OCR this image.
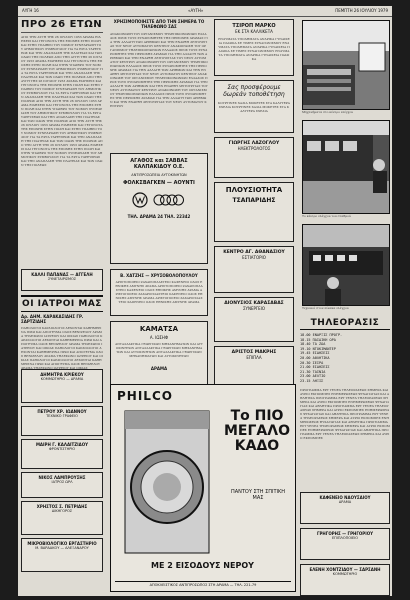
ΑΥΓΗ 16	«ΑΥΓΗ»	ΠΕΜΠΤΗ 26 ΙΟΥΛΙΟΥ 1979
ΠΡΟ 26 ΕΤΩΝ
ΑΠΟ ΤΗΝ ΑΥΓΗ ΤΗΣ 26 ΙΟΥΛΙΟΥ 1953 ΔΡΑΜΑ ΕΙΔΗΣΕΙΣ ΚΑΙ ΓΕΓΟΝΟΤΑ ΤΗΣ ΕΠΟΧΗΣ ΣΤΗΝ ΠΟΛΗ ΚΑΙ ΣΤΗΝ ΥΠΑΙΘΡΟ ΤΟΥ ΝΟΜΟΥ ΣΥΝΕΔΡΙΑΣΗ ΤΟΥ ΔΗΜΟΤΙΚΟΥ ΣΥΜΒΟΥΛΙΟΥ ΓΙΑ ΤΑ ΕΡΓΑ ΥΔΡΕΥΣΕΩΣ ΚΑΙ ΤΗΝ ΑΝΑΠΛΑΣΗ ΤΗΣ ΠΛΑΤΕΙΑΣ ΚΑΙ ΤΩΝ ΟΔΩΝ ΤΗΣ ΠΟΛΕΩΣ ΑΠΟ ΤΗΝ ΑΥΓΗ ΤΗΣ 26 ΙΟΥΛΙΟΥ 1953 ΔΡΑΜΑ ΕΙΔΗΣΕΙΣ ΚΑΙ ΓΕΓΟΝΟΤΑ ΤΗΣ ΕΠΟΧΗΣ ΣΤΗΝ ΠΟΛΗ ΚΑΙ ΣΤΗΝ ΥΠΑΙΘΡΟ ΤΟΥ ΝΟΜΟΥ ΣΥΝΕΔΡΙΑΣΗ ΤΟΥ ΔΗΜΟΤΙΚΟΥ ΣΥΜΒΟΥΛΙΟΥ ΓΙΑ ΤΑ ΕΡΓΑ ΥΔΡΕΥΣΕΩΣ ΚΑΙ ΤΗΝ ΑΝΑΠΛΑΣΗ ΤΗΣ ΠΛΑΤΕΙΑΣ ΚΑΙ ΤΩΝ ΟΔΩΝ ΤΗΣ ΠΟΛΕΩΣ ΑΠΟ ΤΗΝ ΑΥΓΗ ΤΗΣ 26 ΙΟΥΛΙΟΥ 1953 ΔΡΑΜΑ ΕΙΔΗΣΕΙΣ ΚΑΙ ΓΕΓΟΝΟΤΑ ΤΗΣ ΕΠΟΧΗΣ ΣΤΗΝ ΠΟΛΗ ΚΑΙ ΣΤΗΝ ΥΠΑΙΘΡΟ ΤΟΥ ΝΟΜΟΥ ΣΥΝΕΔΡΙΑΣΗ ΤΟΥ ΔΗΜΟΤΙΚΟΥ ΣΥΜΒΟΥΛΙΟΥ ΓΙΑ ΤΑ ΕΡΓΑ ΥΔΡΕΥΣΕΩΣ ΚΑΙ ΤΗΝ ΑΝΑΠΛΑΣΗ ΤΗΣ ΠΛΑΤΕΙΑΣ ΚΑΙ ΤΩΝ ΟΔΩΝ ΤΗΣ ΠΟΛΕΩΣ ΑΠΟ ΤΗΝ ΑΥΓΗ ΤΗΣ 26 ΙΟΥΛΙΟΥ 1953 ΔΡΑΜΑ ΕΙΔΗΣΕΙΣ ΚΑΙ ΓΕΓΟΝΟΤΑ ΤΗΣ ΕΠΟΧΗΣ ΣΤΗΝ ΠΟΛΗ ΚΑΙ ΣΤΗΝ ΥΠΑΙΘΡΟ ΤΟΥ ΝΟΜΟΥ ΣΥΝΕΔΡΙΑΣΗ ΤΟΥ ΔΗΜΟΤΙΚΟΥ ΣΥΜΒΟΥΛΙΟΥ ΓΙΑ ΤΑ ΕΡΓΑ ΥΔΡΕΥΣΕΩΣ ΚΑΙ ΤΗΝ ΑΝΑΠΛΑΣΗ ΤΗΣ ΠΛΑΤΕΙΑΣ ΚΑΙ ΤΩΝ ΟΔΩΝ ΤΗΣ ΠΟΛΕΩΣ ΑΠΟ ΤΗΝ ΑΥΓΗ ΤΗΣ 26 ΙΟΥΛΙΟΥ 1953 ΔΡΑΜΑ ΕΙΔΗΣΕΙΣ ΚΑΙ ΓΕΓΟΝΟΤΑ ΤΗΣ ΕΠΟΧΗΣ ΣΤΗΝ ΠΟΛΗ ΚΑΙ ΣΤΗΝ ΥΠΑΙΘΡΟ ΤΟΥ ΝΟΜΟΥ ΣΥΝΕΔΡΙΑΣΗ ΤΟΥ ΔΗΜΟΤΙΚΟΥ ΣΥΜΒΟΥΛΙΟΥ ΓΙΑ ΤΑ ΕΡΓΑ ΥΔΡΕΥΣΕΩΣ ΚΑΙ ΤΗΝ ΑΝΑΠΛΑΣΗ ΤΗΣ ΠΛΑΤΕΙΑΣ ΚΑΙ ΤΩΝ ΟΔΩΝ ΤΗΣ ΠΟΛΕΩΣ ΑΠΟ ΤΗΝ ΑΥΓΗ ΤΗΣ 26 ΙΟΥΛΙΟΥ 1953 ΔΡΑΜΑ ΕΙΔΗΣΕΙΣ ΚΑΙ ΓΕΓΟΝΟΤΑ ΤΗΣ ΕΠΟΧΗΣ ΣΤΗΝ ΠΟΛΗ ΚΑΙ ΣΤΗΝ ΥΠΑΙΘΡΟ ΤΟΥ ΝΟΜΟΥ ΣΥΝΕΔΡΙΑΣΗ ΤΟΥ ΔΗΜΟΤΙΚΟΥ ΣΥΜΒΟΥΛΙΟΥ ΓΙΑ ΤΑ ΕΡΓΑ ΥΔΡΕΥΣΕΩΣ ΚΑΙ ΤΗΝ ΑΝΑΠΛΑΣΗ ΤΗΣ ΠΛΑΤΕΙΑΣ ΚΑΙ ΤΩΝ ΟΔΩΝ ΤΗΣ ΠΟΛΕΩΣ
ΚΑΛΛΙ ΠΑΠΑΝΑΣ — ΑΓΓΕΛΗ
ΣΥΝΕΤΑΙΡΙΣΜΟΣ
ΟΙ ΙΑΤΡΟΙ ΜΑΣ
Δρ. ΔΗΜ. ΚΑΡΑΚΑΣΙΔΗΣ ΓΡ. ΣΑΡΤΖΙΔΗΣ
ΠΑΘΟΛΟΓΟΙ ΚΑΡΔΙΟΛΟΓΟΙ ΔΕΧΟΝΤΑΙ ΚΑΘΗΜΕΡΙΝΑ ΠΡΩΙ ΚΑΙ ΑΠΟΓΕΥΜΑ ΟΔΟΣ ΒΕΝΙΖΕΛΟΥ ΔΡΑΜΑ ΤΗΛΕΦΩΝΟ ΙΑΤΡΕΙΟΥ ΚΑΙ ΟΙΚΙΑΣ ΠΑΘΟΛΟΓΟΙ ΚΑΡΔΙΟΛΟΓΟΙ ΔΕΧΟΝΤΑΙ ΚΑΘΗΜΕΡΙΝΑ ΠΡΩΙ ΚΑΙ ΑΠΟΓΕΥΜΑ ΟΔΟΣ ΒΕΝΙΖΕΛΟΥ ΔΡΑΜΑ ΤΗΛΕΦΩΝΟ ΙΑΤΡΕΙΟΥ ΚΑΙ ΟΙΚΙΑΣ ΠΑΘΟΛΟΓΟΙ ΚΑΡΔΙΟΛΟΓΟΙ ΔΕΧΟΝΤΑΙ ΚΑΘΗΜΕΡΙΝΑ ΠΡΩΙ ΚΑΙ ΑΠΟΓΕΥΜΑ ΟΔΟΣ ΒΕΝΙΖΕΛΟΥ ΔΡΑΜΑ ΤΗΛΕΦΩΝΟ ΙΑΤΡΕΙΟΥ ΚΑΙ ΟΙΚΙΑΣ ΠΑΘΟΛΟΓΟΙ ΚΑΡΔΙΟΛΟΓΟΙ ΔΕΧΟΝΤΑΙ ΚΑΘΗΜΕΡΙΝΑ ΠΡΩΙ ΚΑΙ ΑΠΟΓΕΥΜΑ ΟΔΟΣ ΒΕΝΙΖΕΛΟΥ ΔΡΑΜΑ ΤΗΛΕΦΩΝΟ ΙΑΤΡΕΙΟΥ ΚΑΙ ΟΙΚΙΑΣ
ΔΗΜΗΤΡΑ ΚΡΙΕΚΟΥ
ΚΟΜΜΩΤΗΡΙΟ — ΔΡΑΜΑ
ΠΕΤΡΟΥ ΧΡ. ΙΩΑΝΝΟΥ
ΤΕΧΝΙΚΟ ΓΡΑΦΕΙΟ
ΜΑΙΡΗ Γ. ΚΑΛΑΙΤΖΙΔΟΥ
ΦΡΟΝΤΙΣΤΗΡΙΟ
ΝΙΚΟΣ ΛΑΜΠΡΟΥΣΗΣ
ΙΑΤΡΟΣ ΩΡΛ
ΧΡΗΣΤΟΣ Σ. ΠΕΤΡΙΔΗΣ
ΔΙΚΗΓΟΡΟΣ
ΜΙΚΡΟΒΙΟΛΟΓΙΚΟ ΕΡΓΑΣΤΗΡΙΟ
Μ. ΒΑΡΔΑΚΟΥ — ΑΛΕΞΑΝΔΡΟΥ
ΧΡΗΣΙΜΟΠΟΙΗΣΤΕ ΑΠΟ ΤΗΝ ΣΗΜΕΡΑ ΤΟ ΤΗΛΕΦΩΝΟ ΣΑΣ
ΑΝΑΚΟΙΝΩΣΗ ΤΟΥ ΟΡΓΑΝΙΣΜΟΥ ΤΗΛΕΠΙΚΟΙΝΩΝΙΩΝ ΕΛΛΑΔΟΣ ΠΡΟΣ ΤΟΥΣ ΣΥΝΔΡΟΜΗΤΕΣ ΤΗΣ ΠΕΡΙΟΧΗΣ ΔΡΑΜΑΣ ΓΙΑ ΤΗΝ ΑΛΛΑΓΗ ΤΩΝ ΑΡΙΘΜΩΝ ΚΑΙ ΤΗΝ ΕΝΑΡΞΗ ΛΕΙΤΟΥΡΓΙΑΣ ΤΟΥ ΝΕΟΥ ΑΥΤΟΜΑΤΟΥ ΚΕΝΤΡΟΥ ΑΝΑΚΟΙΝΩΣΗ ΤΟΥ ΟΡΓΑΝΙΣΜΟΥ ΤΗΛΕΠΙΚΟΙΝΩΝΙΩΝ ΕΛΛΑΔΟΣ ΠΡΟΣ ΤΟΥΣ ΣΥΝΔΡΟΜΗΤΕΣ ΤΗΣ ΠΕΡΙΟΧΗΣ ΔΡΑΜΑΣ ΓΙΑ ΤΗΝ ΑΛΛΑΓΗ ΤΩΝ ΑΡΙΘΜΩΝ ΚΑΙ ΤΗΝ ΕΝΑΡΞΗ ΛΕΙΤΟΥΡΓΙΑΣ ΤΟΥ ΝΕΟΥ ΑΥΤΟΜΑΤΟΥ ΚΕΝΤΡΟΥ ΑΝΑΚΟΙΝΩΣΗ ΤΟΥ ΟΡΓΑΝΙΣΜΟΥ ΤΗΛΕΠΙΚΟΙΝΩΝΙΩΝ ΕΛΛΑΔΟΣ ΠΡΟΣ ΤΟΥΣ ΣΥΝΔΡΟΜΗΤΕΣ ΤΗΣ ΠΕΡΙΟΧΗΣ ΔΡΑΜΑΣ ΓΙΑ ΤΗΝ ΑΛΛΑΓΗ ΤΩΝ ΑΡΙΘΜΩΝ ΚΑΙ ΤΗΝ ΕΝΑΡΞΗ ΛΕΙΤΟΥΡΓΙΑΣ ΤΟΥ ΝΕΟΥ ΑΥΤΟΜΑΤΟΥ ΚΕΝΤΡΟΥ ΑΝΑΚΟΙΝΩΣΗ ΤΟΥ ΟΡΓΑΝΙΣΜΟΥ ΤΗΛΕΠΙΚΟΙΝΩΝΙΩΝ ΕΛΛΑΔΟΣ ΠΡΟΣ ΤΟΥΣ ΣΥΝΔΡΟΜΗΤΕΣ ΤΗΣ ΠΕΡΙΟΧΗΣ ΔΡΑΜΑΣ ΓΙΑ ΤΗΝ ΑΛΛΑΓΗ ΤΩΝ ΑΡΙΘΜΩΝ ΚΑΙ ΤΗΝ ΕΝΑΡΞΗ ΛΕΙΤΟΥΡΓΙΑΣ ΤΟΥ ΝΕΟΥ ΑΥΤΟΜΑΤΟΥ ΚΕΝΤΡΟΥ ΑΝΑΚΟΙΝΩΣΗ ΤΟΥ ΟΡΓΑΝΙΣΜΟΥ ΤΗΛΕΠΙΚΟΙΝΩΝΙΩΝ ΕΛΛΑΔΟΣ ΠΡΟΣ ΤΟΥΣ ΣΥΝΔΡΟΜΗΤΕΣ ΤΗΣ ΠΕΡΙΟΧΗΣ ΔΡΑΜΑΣ ΓΙΑ ΤΗΝ ΑΛΛΑΓΗ ΤΩΝ ΑΡΙΘΜΩΝ ΚΑΙ ΤΗΝ ΕΝΑΡΞΗ ΛΕΙΤΟΥΡΓΙΑΣ ΤΟΥ ΝΕΟΥ ΑΥΤΟΜΑΤΟΥ ΚΕΝΤΡΟΥ
ΑΓΑΘΟΣ και ΣΑΒΒΑΣ ΚΑΛΠΑΚΙΔΟΥ Ο.Ε.
ΑΝΤΙΠΡΟΣΩΠΕΙΑ ΑΥΤΟΚΙΝΗΤΩΝ
ΦΟΛΚΣΒΑΓΚΕΝ — ΑΟΥΝΤΙ
ΤΗΛ. ΔΡΑΜΑ 24 ΤΗΛ. 22342
Β. ΧΑΤΖΗΣ — ΧΡΥΣΟΒΟΛΟΠΟΥΛΟΥ
ΑΡΙΣΤΟΠΟΙΕΙΟ ΖΑΧΑΡΟΠΛΑΣΤΕΙΟ ΚΑΦΕΝΕΙΟ ΟΔΟΣ ΕΘΝΙΚΗΣ ΑΜΥΝΗΣ ΔΡΑΜΑ ΑΡΙΣΤΟΠΟΙΕΙΟ ΖΑΧΑΡΟΠΛΑΣΤΕΙΟ ΚΑΦΕΝΕΙΟ ΟΔΟΣ ΕΘΝΙΚΗΣ ΑΜΥΝΗΣ ΔΡΑΜΑ ΑΡΙΣΤΟΠΟΙΕΙΟ ΖΑΧΑΡΟΠΛΑΣΤΕΙΟ ΚΑΦΕΝΕΙΟ ΟΔΟΣ ΕΘΝΙΚΗΣ ΑΜΥΝΗΣ ΔΡΑΜΑ ΑΡΙΣΤΟΠΟΙΕΙΟ ΖΑΧΑΡΟΠΛΑΣΤΕΙΟ ΚΑΦΕΝΕΙΟ ΟΔΟΣ ΕΘΝΙΚΗΣ ΑΜΥΝΗΣ ΔΡΑΜΑ
ΚΑΜΑΤΣΑ
Α. ΙΩΣΗΦ
ΑΝΤΑΛΛΑΚΤΙΚΑ ΓΕΩΡΓΙΚΩΝ ΜΗΧΑΝΗΜΑΤΩΝ ΚΑΙ ΑΥΤΟΚΙΝΗΤΩΝ ΑΝΤΑΛΛΑΚΤΙΚΑ ΓΕΩΡΓΙΚΩΝ ΜΗΧΑΝΗΜΑΤΩΝ ΚΑΙ ΑΥΤΟΚΙΝΗΤΩΝ ΑΝΤΑΛΛΑΚΤΙΚΑ ΓΕΩΡΓΙΚΩΝ ΜΗΧΑΝΗΜΑΤΩΝ ΚΑΙ ΑΥΤΟΚΙΝΗΤΩΝ
ΔΡΑΜΑ
ΤΣΙΡΟΠ ΜΑΡΚΟ
ΕΚ ΣΤΑ ΚΑΛΛΙΚΕΤΑ
ΕΝΔΥΜΑΤΑ ΥΠΟΔΗΜΑΤΑ ΑΝΔΡΙΚΑ ΓΥΝΑΙΚΕΙΑ ΠΑΙΔΙΚΑ ΣΕ ΤΙΜΕΣ ΣΥΝΑΓΩΝΙΣΜΟΥ ΕΝΔΥΜΑΤΑ ΥΠΟΔΗΜΑΤΑ ΑΝΔΡΙΚΑ ΓΥΝΑΙΚΕΙΑ ΠΑΙΔΙΚΑ ΣΕ ΤΙΜΕΣ ΣΥΝΑΓΩΝΙΣΜΟΥ ΕΝΔΥΜΑΤΑ ΥΠΟΔΗΜΑΤΑ ΑΝΔΡΙΚΑ ΓΥΝΑΙΚΕΙΑ ΠΑΙΔΙΚΑ
Σας προσφέρουμε
δωρεάν τοποθέτηση
ΚΟΥΡΤΙΝΕΣ ΧΑΛΙΑ ΜΟΚΕΤΕΣ ΣΤΑ ΚΑΛΥΤΕΡΑ ΣΧΕΔΙΑ ΚΟΥΡΤΙΝΕΣ ΧΑΛΙΑ ΜΟΚΕΤΕΣ ΣΤΑ ΚΑΛΥΤΕΡΑ ΣΧΕΔΙΑ
ΓΙΩΡΓΗΣ ΛΑΖΟΓΛΟΥ
ΗΛΕΚΤΡΟΛΟΓΟΣ
ΠΛΟΥΣΙΟΤΗΤΑ
ΤΣΑΠΑΡΙΔΗΣ
ΚΕΝΤΡΟ ΑΓ. ΑΘΑΝΑΣΙΟΥ
ΕΣΤΙΑΤΟΡΙΟ
ΔΙΟΝΥΣΙΟΣ ΚΑΡΑΣΑΒΑΣ
ΣΥΝΕΡΓΕΙΟ
ΑΡΙΣΤΟΣ ΜΑΚΡΗΣ
ΕΠΙΠΛΑ
Μηχανήματα στο κέντρο ελέγχου
Το κέντρο ελέγχου του σταθμού
Τεχνικοί στον πίνακα ελέγχου
ΤΗΛΕΟΡΑΣΙΣ
18.00 ΕΝΑΡΞΙΣ ΠΡΟΓΡ.
18.15 ΠΑΙΔΙΚΗ ΩΡΑ
18.40 ΤΑ ΖΩΑ
19.10 ΝΤΟΚΙΜΑΝΤΕΡ
19.45 ΕΙΔΗΣΕΙΣ
20.00 ΑΘΛΗΤΙΚΑ
20.30 ΣΕΙΡΑ
21.00 ΕΙΔΗΣΕΙΣ
21.30 ΤΑΙΝΙΑ
23.00 ΔΕΛΤΙΟ
23.15 ΛΗΞΙΣ
ΠΡΟΓΡΑΜΜΑ ΕΡΤ ΥΕΝΕΔ ΤΗΛΕΟΡΑΣΕΩΣ ΣΗΜΕΡΑ ΚΑΙ ΑΥΡΙΟ ΕΚΠΟΜΠΕΣ ΕΝΗΜΕΡΩΣΕΩΣ ΨΥΧΑΓΩΓΙΑΣ ΚΑΙ ΑΘΛΗΤΙΚΑ ΠΡΟΓΡΑΜΜΑ ΕΡΤ ΥΕΝΕΔ ΤΗΛΕΟΡΑΣΕΩΣ ΣΗΜΕΡΑ ΚΑΙ ΑΥΡΙΟ ΕΚΠΟΜΠΕΣ ΕΝΗΜΕΡΩΣΕΩΣ ΨΥΧΑΓΩΓΙΑΣ ΚΑΙ ΑΘΛΗΤΙΚΑ ΠΡΟΓΡΑΜΜΑ ΕΡΤ ΥΕΝΕΔ ΤΗΛΕΟΡΑΣΕΩΣ ΣΗΜΕΡΑ ΚΑΙ ΑΥΡΙΟ ΕΚΠΟΜΠΕΣ ΕΝΗΜΕΡΩΣΕΩΣ ΨΥΧΑΓΩΓΙΑΣ ΚΑΙ ΑΘΛΗΤΙΚΑ ΠΡΟΓΡΑΜΜΑ ΕΡΤ ΥΕΝΕΔ ΤΗΛΕΟΡΑΣΕΩΣ ΣΗΜΕΡΑ ΚΑΙ ΑΥΡΙΟ ΕΚΠΟΜΠΕΣ ΕΝΗΜΕΡΩΣΕΩΣ ΨΥΧΑΓΩΓΙΑΣ ΚΑΙ ΑΘΛΗΤΙΚΑ ΠΡΟΓΡΑΜΜΑ ΕΡΤ ΥΕΝΕΔ ΤΗΛΕΟΡΑΣΕΩΣ ΣΗΜΕΡΑ ΚΑΙ ΑΥΡΙΟ ΕΚΠΟΜΠΕΣ ΕΝΗΜΕΡΩΣΕΩΣ ΨΥΧΑΓΩΓΙΑΣ ΚΑΙ ΑΘΛΗΤΙΚΑ ΠΡΟΓΡΑΜΜΑ ΕΡΤ ΥΕΝΕΔ ΤΗΛΕΟΡΑΣΕΩΣ ΣΗΜΕΡΑ ΚΑΙ ΑΥΡΙΟ ΕΚΠΟΜΠΕΣ
ΚΑΦΕΝΕΙΟ ΝΑΟΥΣΑΙΟΥ
ΔΡΑΜΑ
ΓΡΗΓΟΡΗΣ — ΓΡΗΓΟΡΙΟΥ
ΕΠΙΠΛΟΠΟΙΕΙΟ
ΕΛΕΝΗ ΧΟΝΤΖΙΔΟΥ — ΣΑΡΣΑΝΗ
ΚΟΜΜΩΤΗΡΙΟ
PHILCO
Το ΠΙΟ ΜΕΓΑΛΟ ΚΑΔΟ
ΠΑΝΤΟΥ ΣΤΗ ΣΠΙΤΙΚΗ ΜΑΣ
ΜΕ 2 ΕΙΣΟΔΟΥΣ ΝΕΡΟΥ
ΑΠΟΚΛΕΙΣΤΙΚΟΣ ΑΝΤΙΠΡΟΣΩΠΟΣ ΣΤΗ ΔΡΑΜΑ — ΤΗΛ. 221-79
